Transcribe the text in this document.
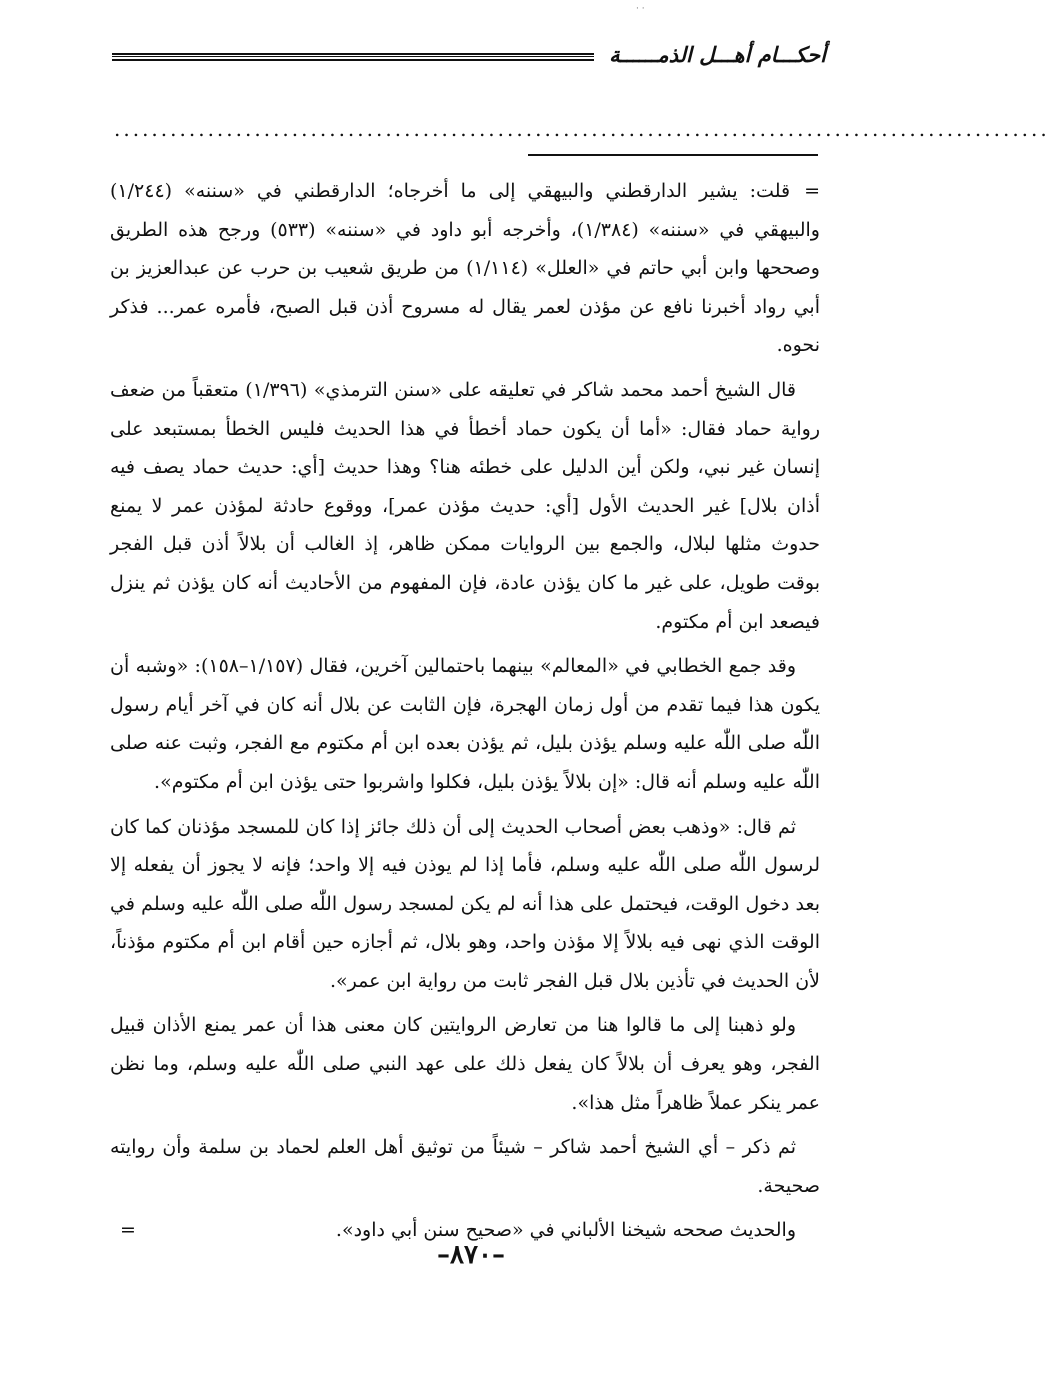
· ·
أحكـــام أهـــل الذمــــــة
....................................................................................................

=قلت: يشير الدارقطني والبيهقي إلى ما أخرجاه؛ الدارقطني في «سننه» (١/٢٤٤) والبيهقي في «سننه» (١/٣٨٤)، وأخرجه أبو داود في «سننه» (٥٣٣) ورجح هذه الطريق وصححها وابن أبي حاتم في «العلل» (١/١١٤) من طريق شعيب بن حرب عن عبدالعزيز بن أبي رواد أخبرنا نافع عن مؤذن لعمر يقال له مسروح أذن قبل الصبح، فأمره عمر... فذكر نحوه.

قال الشيخ أحمد محمد شاكر في تعليقه على «سنن الترمذي» (١/٣٩٦) متعقباً من ضعف رواية حماد فقال: «أما أن يكون حماد أخطأ في هذا الحديث فليس الخطأ بمستبعد على إنسان غير نبي، ولكن أين الدليل على خطئه هنا؟ وهذا حديث [أي: حديث حماد يصف فيه أذان بلال] غير الحديث الأول [أي: حديث مؤذن عمر]، ووقوع حادثة لمؤذن عمر لا يمنع حدوث مثلها لبلال، والجمع بين الروايات ممكن ظاهر، إذ الغالب أن بلالاً أذن قبل الفجر بوقت طويل، على غير ما كان يؤذن عادة، فإن المفهوم من الأحاديث أنه كان يؤذن ثم ينزل فيصعد ابن أم مكتوم.

وقد جمع الخطابي في «المعالم» بينهما باحتمالين آخرين، فقال (١/١٥٧–١٥٨): «وشبه أن يكون هذا فيما تقدم من أول زمان الهجرة، فإن الثابت عن بلال أنه كان في آخر أيام رسول اللّٰه صلى اللّٰه عليه وسلم يؤذن بليل، ثم يؤذن بعده ابن أم مكتوم مع الفجر، وثبت عنه صلى اللّٰه عليه وسلم أنه قال: «إن بلالاً يؤذن بليل، فكلوا واشربوا حتى يؤذن ابن أم مكتوم».

ثم قال: «وذهب بعض أصحاب الحديث إلى أن ذلك جائز إذا كان للمسجد مؤذنان كما كان لرسول اللّٰه صلى اللّٰه عليه وسلم، فأما إذا لم يوذن فيه إلا واحد؛ فإنه لا يجوز أن يفعله إلا بعد دخول الوقت، فيحتمل على هذا أنه لم يكن لمسجد رسول اللّٰه صلى اللّٰه عليه وسلم في الوقت الذي نهى فيه بلالاً إلا مؤذن واحد، وهو بلال، ثم أجازه حين أقام ابن أم مكتوم مؤذناً، لأن الحديث في تأذين بلال قبل الفجر ثابت من رواية ابن عمر».

ولو ذهبنا إلى ما قالوا هنا من تعارض الروايتين كان معنى هذا أن عمر يمنع الأذان قبيل الفجر، وهو يعرف أن بلالاً كان يفعل ذلك على عهد النبي صلى اللّٰه عليه وسلم، وما نظن عمر ينكر عملاً ظاهراً مثل هذا».

ثم ذكر – أي الشيخ أحمد شاكر – شيئاً من توثيق أهل العلم لحماد بن سلمة وأن روايته صحيحة.

والحديث صححه شيخنا الألباني في «صحيح سنن أبي داود».
=
–٨٧٠–
